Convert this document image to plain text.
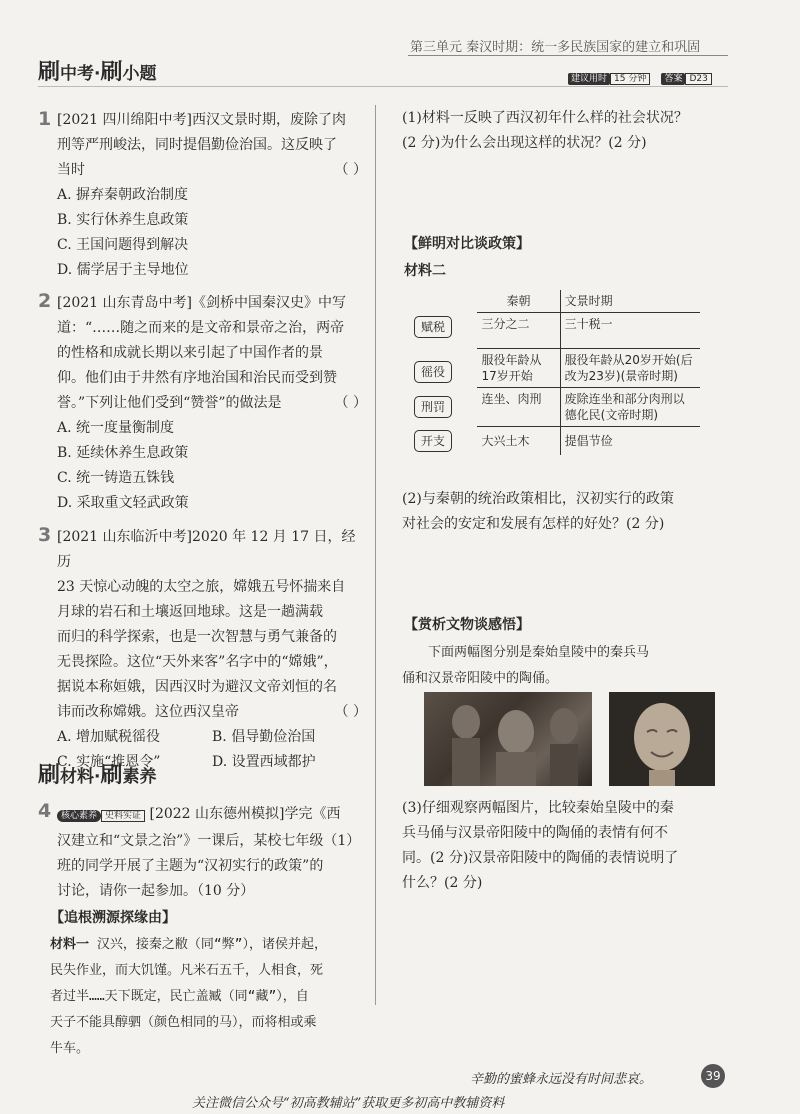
第三单元 秦汉时期：统一多民族国家的建立和巩固
刷中考·刷小题	建议用时 15 分钟 答案 D23
1 [2021 四川绵阳中考]西汉文景时期，废除了肉
刑等严刑峻法，同时提倡勤俭治国。这反映了
当时	（ ）
A. 摒弃秦朝政治制度
B. 实行休养生息政策
C. 王国问题得到解决
D. 儒学居于主导地位
2 [2021 山东青岛中考]《剑桥中国秦汉史》中写
道：“……随之而来的是文帝和景帝之治，两帝
的性格和成就长期以来引起了中国作者的景
仰。他们由于井然有序地治国和治民而受到赞
誉。”下列让他们受到“赞誉”的做法是	（ ）
A. 统一度量衡制度
B. 延续休养生息政策
C. 统一铸造五铢钱
D. 采取重文轻武政策
3 [2021 山东临沂中考]2020 年 12 月 17 日，经历
23 天惊心动魄的太空之旅，嫦娥五号怀揣来自
月球的岩石和土壤返回地球。这是一趟满载
而归的科学探索，也是一次智慧与勇气兼备的
无畏探险。这位“天外来客”名字中的“嫦娥”，
据说本称姮娥，因西汉时为避汉文帝刘恒的名
讳而改称嫦娥。这位西汉皇帝	（ ）
A. 增加赋税徭役	B. 倡导勤俭治国
C. 实施“推恩令”	D. 设置西域都护
刷材料·刷素养
4	核心素养 史料实证 [2022 山东德州模拟]学完《西
汉建立和“文景之治”》一课后，某校七年级（1）
班的同学开展了主题为“汉初实行的政策”的
讨论，请你一起参加。（10 分）
【追根溯源探缘由】
材料一 汉兴，接秦之敝（同“弊”），诸侯并起，
民失作业，而大饥馑。凡米石五千，人相食，死
者过半……天下既定，民亡盖臧（同“藏”），自
天子不能具醇驷（颜色相同的马），而将相或乘
牛车。
(1)材料一反映了西汉初年什么样的社会状况？
(2 分)为什么会出现这样的状况？(2 分)
【鲜明对比谈政策】
材料二
	秦朝	文景时期
赋税	三分之二	三十税一
徭役	服役年龄从17岁开始	服役年龄从20岁开始(后改为23岁)(景帝时期)
刑罚	连坐、肉刑	废除连坐和部分肉刑以德化民(文帝时期)
开支	大兴土木	提倡节俭
(2)与秦朝的统治政策相比，汉初实行的政策
对社会的安定和发展有怎样的好处？(2 分)
【赏析文物谈感悟】
下面两幅图分别是秦始皇陵中的秦兵马
俑和汉景帝阳陵中的陶俑。
(3)仔细观察两幅图片，比较秦始皇陵中的秦
兵马俑与汉景帝阳陵中的陶俑的表情有何不
同。(2 分)汉景帝阳陵中的陶俑的表情说明了
什么？(2 分)
辛勤的蜜蜂永远没有时间悲哀。	39
关注微信公众号“初高教辅站”获取更多初高中教辅资料
